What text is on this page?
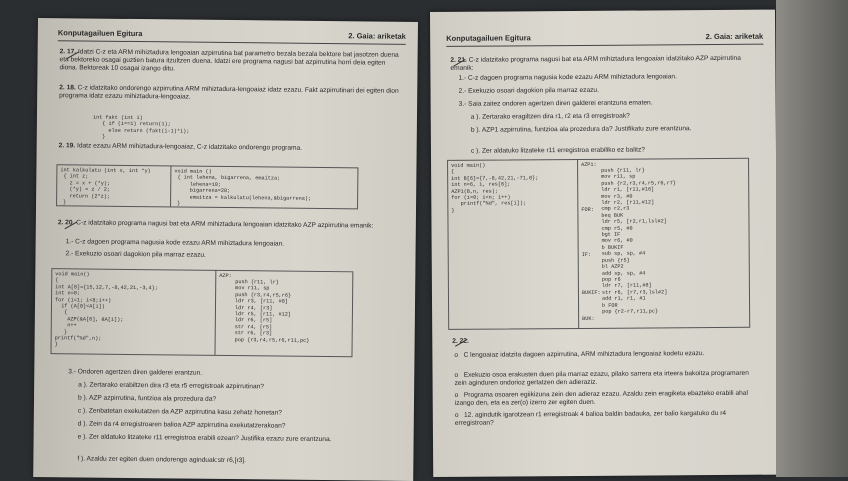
Konputagailuen Egitura	2. Gaia: ariketak
2. 17. Idatzi C-z eta ARM mihiztadura lengoaian azpirrutina bat parametro bezala bezala bektore bat jasotzen duena eta bektoreko osagai guztien batura itzultzen duena. Idatzi ere programa nagusi bat azpirrutina horri deia egiten diona. Bektoreak 10 osagai izango ditu.
2. 18. C-z idatzitako ondorengo azpirrutina ARM mihiztadura-lengoaiaz idatz ezazu. Fakt azpirrutinari dei egiten dion programa idatz ezazu mihiztadura-lengoaiaz.
int fakt (int i)
{ if (i==1) return(1);
else return (fakt(i-1)*i);
}
2. 19. Idatz ezazu ARM mihiztadura-lengoaiaz, C-z idatzitako ondorengo programa.
int kalkulatu (int x, int *y)
{ int z;
z = x + (*y);
(*y) = z / 2;
return (2*z);
}
void main ()
{ int lehena, bigarrena, emaitza;
lehena=10;
bigarrena=20;
emaitza = kalkulatu(lehena,&bigarrena);
}
2. 20. C-z idatzitako programa nagusi bat eta ARM mihiztadura lengoaian idatzitako AZP azpirrutina emanik:
1.- C-z dagoen programa nagusia kode ezazu ARM mihiztadura lengoaian.
2.- Exekuzio osoari dagokion pila marraz ezazu.
void main()
{
int A[8]={15,12,7,-8,42,21,-3,4};
int n=0;
for (i=1; i<8;i++)
if (A[0]<A[i])
{
AZP(&A[0], &A[i]);
n++
}
printf("%d",n);
}
AZP:
push {r11, lr}
mov r11, sp
push {r3,r4,r5,r6}
ldr r3, [r11, #8]
ldr r4, [r3]
ldr r5, [r11, #12]
ldr r6, [r5]
str r4, [r5]
str r6, [r3]
pop {r3,r4,r5,r6,r11,pc}
3.- Ondoren agertzen diren galderei erantzun.
a ). Zertarako erabiltzen dira r3 eta r5 erregistroak azpirrutinan?
b ). AZP azpirrutina, funtzioa ala prozedura da?
c ). Zenbatetan exekutatzen da AZP azpirrutina kasu zehatz honetan?
d ). Zein da r4 erregistroaren balioa AZP azpirrutina exekutatzerakoan?
e ). Zer aldatuko litzateke r11 erregistroa erabili ezean? Justifika ezazu zure erantzuna.
f ). Azaldu zer egiten duen ondorengo aginduak:str r6,[r3].
Konputagailuen Egitura	2. Gaia: ariketak
2. 21. C-z idatzitako programa nagusi bat eta ARM mihiztadura lengoaian idatzitako AZP azpirrutina emanik:
1.- C-z dagoen programa nagusia kode ezazu ARM mihiztadura lengoaian.
2.- Exekuzio osoari dagokion pila marraz ezazu.
3.- Saia zaitez ondoren agertzen diren galderei erantzuna ematen.
a ). Zertarako eragiltzen dira r1, r2 eta r3 erregistroak?
b ). AZP1 azpirrutina, funtzioa ala prozedura da? Justifikatu zure erantzuna.
c ). Zer aldatuko litzateke r11 erregistroa erabiliko ez balitz?
void main()
{
int B[6]={7,-8,42,21,-71,0};
int n=6, i, res[6];
AZP1(B,n, res);
for (i=0; i<n; i++)
printf("%d", res[i]);
}
AZP1:

FOR:

IF:

BUKIF:

BUK:
push {r11, lr}
mov r11, sp
push {r2,r3,r4,r5,r6,r7}
ldr r1, [r11,#16]
mov r3, #0
ldr r2, [r11,#12]
cmp r2,r3
beq BUK
ldr r5, [r2,r1,lsl#2]
cmp r5, #0
bgt IF
mov r6, #0
b BUKIF
sub sp, sp, #4
push {r5}
bl AZP2
add sp, sp, #4
pop r6
ldr r7, [r11,#8]
str r6, [r7,r3,lsl#2]
add r1, r1, #1
b FOR
pop {r2-r7,r11,pc}
2. 22.
o   C lengoaiaz idatzita dagoen azpirrutina, ARM mihiztadura lengoaiaz kodetu ezazu.
o   Exekuzio osoa erakusten duen pila marraz ezazu, pilako sarrera eta irteera bakoitza programaren zein aginduren ondorioz gertatzen den adieraziz.
o   Programa osoaren egiikizuna zein den adieraz ezazu. Azaldu zein eragiketa ebazteko erabili ahal izango den, eta ea zer(o) izerro zer egiten duen.
o   12. agindutik igarotzean r1 erregistroak 4 balioa baldin badauka, zer balio kargatuko du r4 erregistroan?
